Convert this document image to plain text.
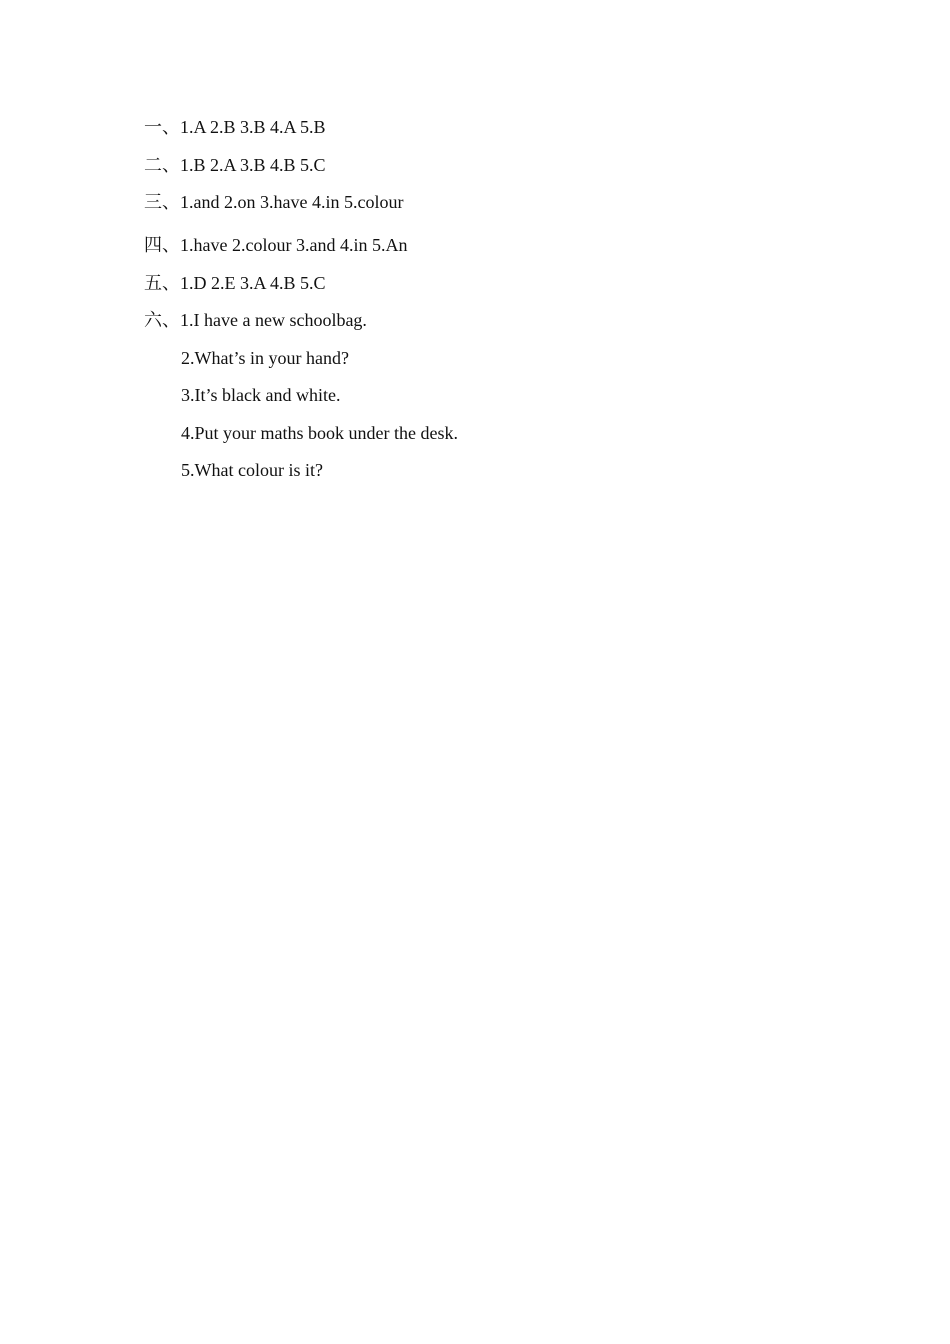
一、1.A 2.B 3.B 4.A 5.B
二、1.B 2.A 3.B 4.B 5.C
三、1.and 2.on 3.have 4.in 5.colour
四、1.have 2.colour 3.and 4.in 5.An
五、1.D 2.E 3.A 4.B 5.C
六、1.I have a new schoolbag.
2.What’s in your hand?
3.It’s black and white.
4.Put your maths book under the desk.
5.What colour is it?
